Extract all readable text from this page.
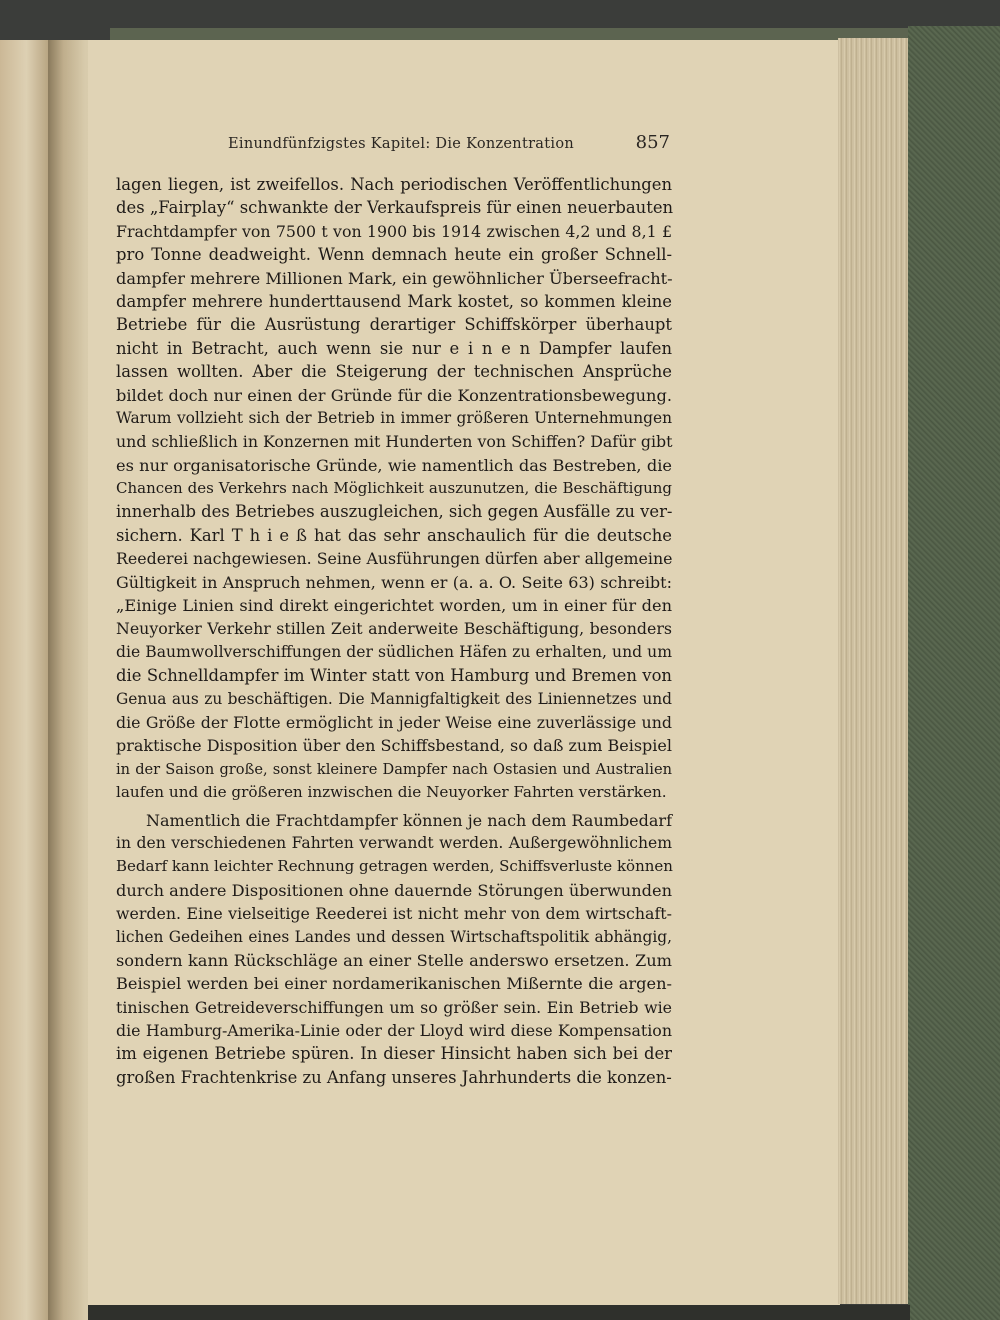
Einundfünfzigstes Kapitel: Die Konzentration	857
lagen liegen, ist zweifellos. Nach periodischen Veröffentlichungen
des „Fairplay“ schwankte der Verkaufspreis für einen neuerbauten
Frachtdampfer von 7500 t von 1900 bis 1914 zwischen 4,2 und 8,1 £
pro Tonne deadweight. Wenn demnach heute ein großer Schnell-
dampfer mehrere Millionen Mark, ein gewöhnlicher Überseefracht-
dampfer mehrere hunderttausend Mark kostet, so kommen kleine
Betriebe für die Ausrüstung derartiger Schiffskörper überhaupt
nicht in Betracht, auch wenn sie nur e i n e n Dampfer laufen
lassen wollten. Aber die Steigerung der technischen Ansprüche
bildet doch nur einen der Gründe für die Konzentrationsbewegung.
Warum vollzieht sich der Betrieb in immer größeren Unternehmungen
und schließlich in Konzernen mit Hunderten von Schiffen? Dafür gibt
es nur organisatorische Gründe, wie namentlich das Bestreben, die
Chancen des Verkehrs nach Möglichkeit auszunutzen, die Beschäftigung
innerhalb des Betriebes auszugleichen, sich gegen Ausfälle zu ver-
sichern. Karl T h i e ß hat das sehr anschaulich für die deutsche
Reederei nachgewiesen. Seine Ausführungen dürfen aber allgemeine
Gültigkeit in Anspruch nehmen, wenn er (a. a. O. Seite 63) schreibt:
„Einige Linien sind direkt eingerichtet worden, um in einer für den
Neuyorker Verkehr stillen Zeit anderweite Beschäftigung, besonders
die Baumwollverschiffungen der südlichen Häfen zu erhalten, und um
die Schnelldampfer im Winter statt von Hamburg und Bremen von
Genua aus zu beschäftigen. Die Mannigfaltigkeit des Liniennetzes und
die Größe der Flotte ermöglicht in jeder Weise eine zuverlässige und
praktische Disposition über den Schiffsbestand, so daß zum Beispiel
in der Saison große, sonst kleinere Dampfer nach Ostasien und Australien
laufen und die größeren inzwischen die Neuyorker Fahrten verstärken.
Namentlich die Frachtdampfer können je nach dem Raumbedarf
in den verschiedenen Fahrten verwandt werden. Außergewöhnlichem
Bedarf kann leichter Rechnung getragen werden, Schiffsverluste können
durch andere Dispositionen ohne dauernde Störungen überwunden
werden. Eine vielseitige Reederei ist nicht mehr von dem wirtschaft-
lichen Gedeihen eines Landes und dessen Wirtschaftspolitik abhängig,
sondern kann Rückschläge an einer Stelle anderswo ersetzen. Zum
Beispiel werden bei einer nordamerikanischen Mißernte die argen-
tinischen Getreideverschiffungen um so größer sein. Ein Betrieb wie
die Hamburg-Amerika-Linie oder der Lloyd wird diese Kompensation
im eigenen Betriebe spüren. In dieser Hinsicht haben sich bei der
großen Frachtenkrise zu Anfang unseres Jahrhunderts die konzen-
